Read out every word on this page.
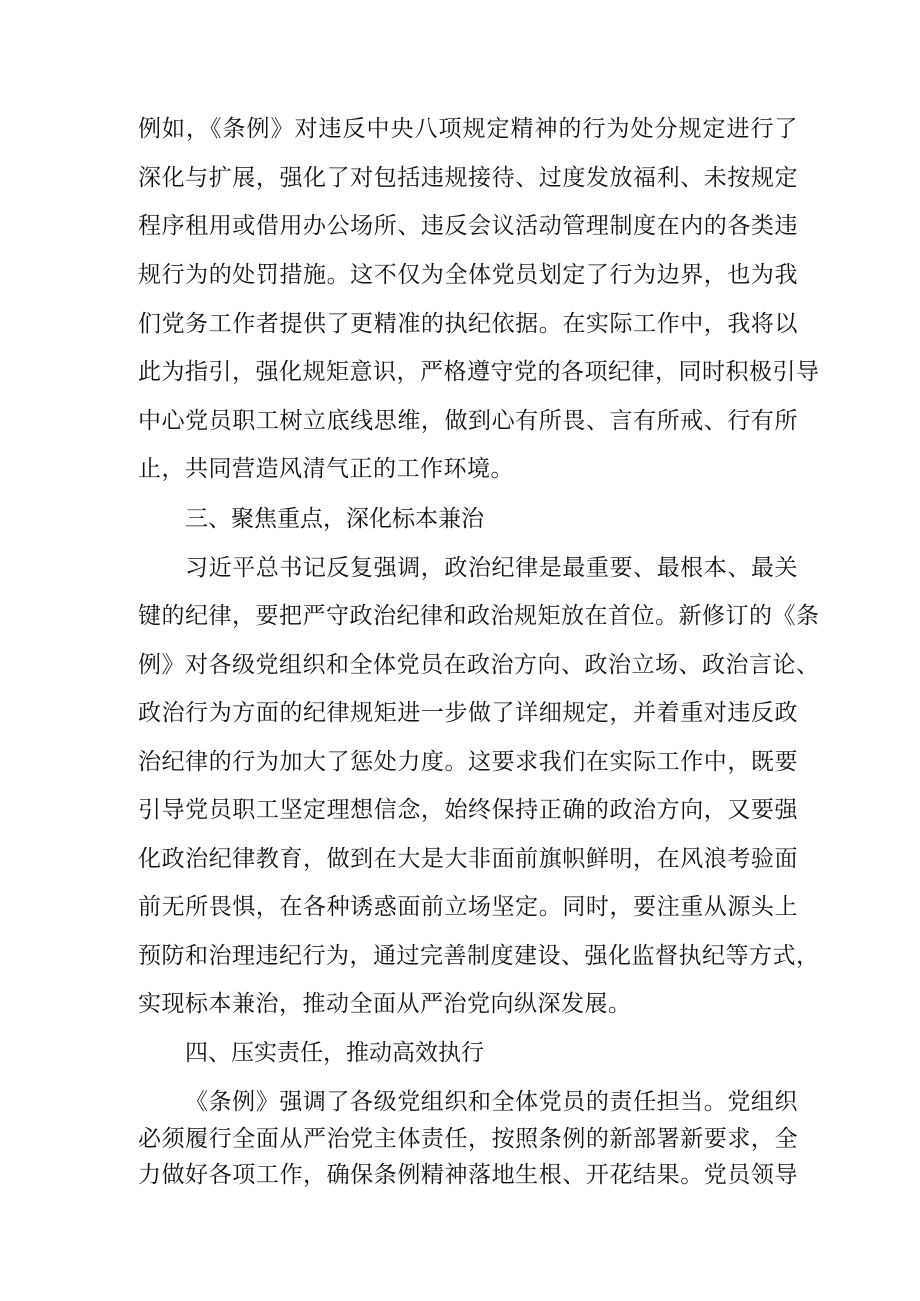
例如，《条例》对违反中央八项规定精神的行为处分规定进行了
深化与扩展，强化了对包括违规接待、过度发放福利、未按规定
程序租用或借用办公场所、违反会议活动管理制度在内的各类违
规行为的处罚措施。这不仅为全体党员划定了行为边界，也为我
们党务工作者提供了更精准的执纪依据。在实际工作中，我将以
此为指引，强化规矩意识，严格遵守党的各项纪律，同时积极引导
中心党员职工树立底线思维，做到心有所畏、言有所戒、行有所
止，共同营造风清气正的工作环境。
三、聚焦重点，深化标本兼治
习近平总书记反复强调，政治纪律是最重要、最根本、最关
键的纪律，要把严守政治纪律和政治规矩放在首位。新修订的《条
例》对各级党组织和全体党员在政治方向、政治立场、政治言论、
政治行为方面的纪律规矩进一步做了详细规定，并着重对违反政
治纪律的行为加大了惩处力度。这要求我们在实际工作中，既要
引导党员职工坚定理想信念，始终保持正确的政治方向，又要强
化政治纪律教育，做到在大是大非面前旗帜鲜明，在风浪考验面
前无所畏惧，在各种诱惑面前立场坚定。同时，要注重从源头上
预防和治理违纪行为，通过完善制度建设、强化监督执纪等方式，
实现标本兼治，推动全面从严治党向纵深发展。
四、压实责任，推动高效执行
《条例》强调了各级党组织和全体党员的责任担当。党组织
必须履行全面从严治党主体责任，按照条例的新部署新要求，全
力做好各项工作，确保条例精神落地生根、开花结果。党员领导
